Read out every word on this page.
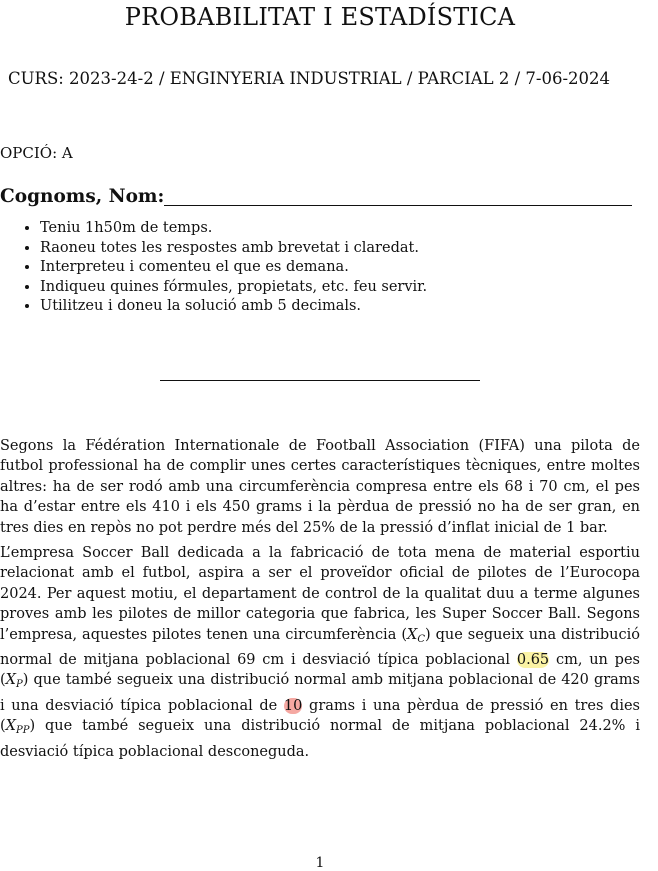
PROBABILITAT I ESTADÍSTICA
CURS: 2023-24-2 / ENGINYERIA INDUSTRIAL / PARCIAL 2 / 7-06-2024
OPCIÓ: A
Cognoms, Nom:
• Teniu 1h50m de temps.
• Raoneu totes les respostes amb brevetat i claredat.
• Interpreteu i comenteu el que es demana.
• Indiqueu quines fórmules, propietats, etc. feu servir.
• Utilitzeu i doneu la solució amb 5 decimals.

Segons la Fédération Internationale de Football Association (FIFA) una pilota de futbol professional ha de complir unes certes característiques tècniques, entre moltes altres: ha de ser rodó amb una circumferència compresa entre els 68 i 70 cm, el pes ha d’estar entre els 410 i els 450 grams i la pèrdua de pressió no ha de ser gran, en tres dies en repòs no pot perdre més del 25% de la pressió d’inflat inicial de 1 bar.

L’empresa Soccer Ball dedicada a la fabricació de tota mena de material esportiu relacionat amb el futbol, aspira a ser el proveïdor oficial de pilotes de l’Eurocopa 2024. Per aquest motiu, el departament de control de la qualitat duu a terme algunes proves amb les pilotes de millor categoria que fabrica, les Super Soccer Ball. Segons l’empresa, aquestes pilotes tenen una circumferència $(X_C)$ que segueix una distribució normal de mitjana poblacional 69 cm i desviació típica poblacional 0.65 cm, un pes $(X_P)$ que també segueix una distribució normal amb mitjana poblacional de 420 grams i una desviació típica poblacional de 10 grams i una pèrdua de pressió en tres dies $(X_{PP})$ que també segueix una distribució normal de mitjana poblacional 24.2% i desviació típica poblacional desconeguda.

1
